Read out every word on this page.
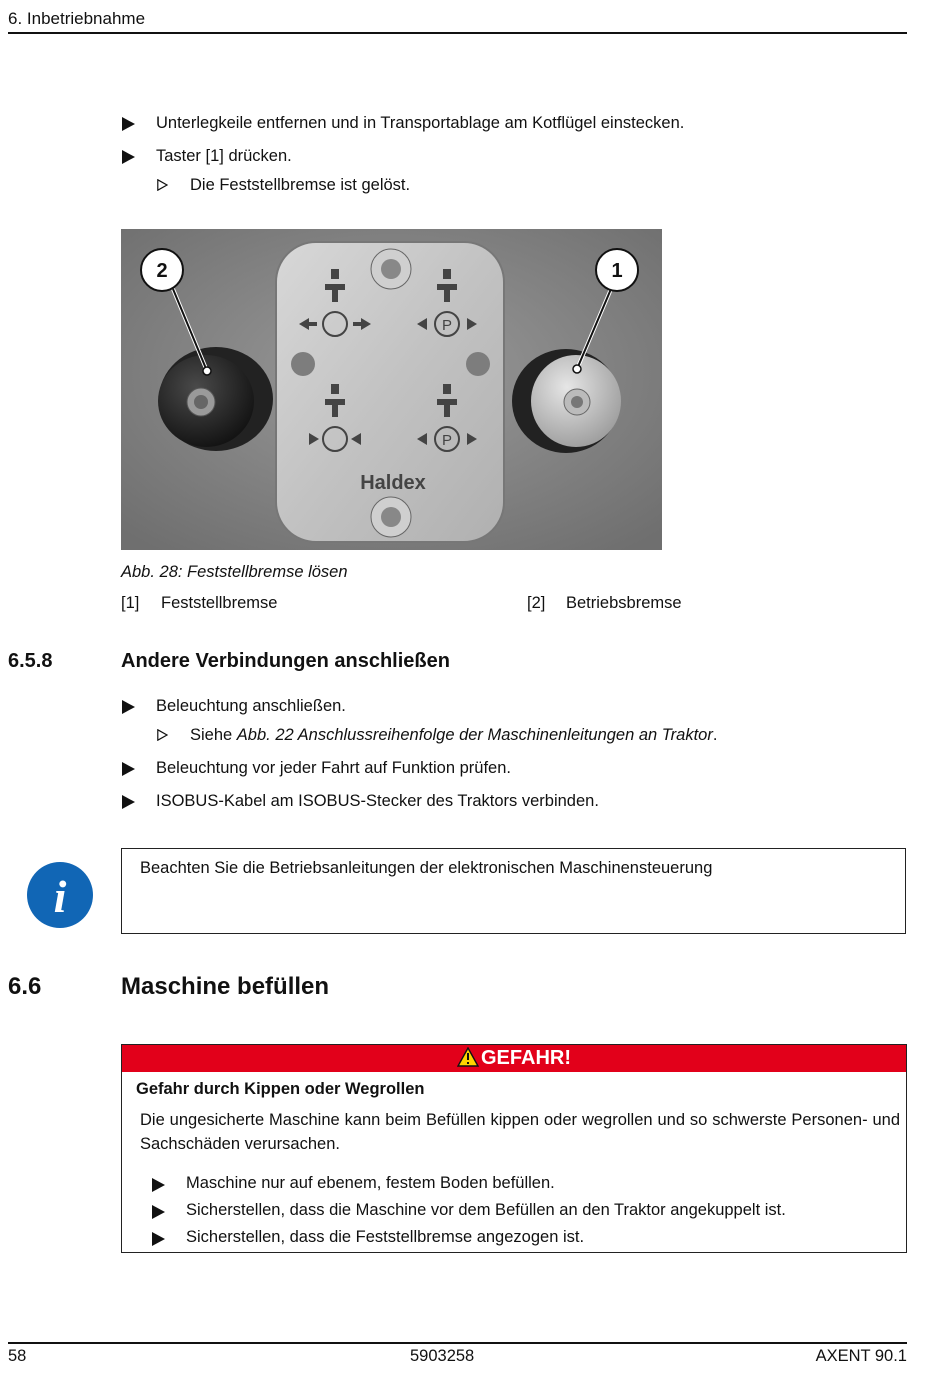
6. Inbetriebnahme
Unterlegkeile entfernen und in Transportablage am Kotflügel einstecken.
Taster [1] drücken.
Die Feststellbremse ist gelöst.
P
P
Haldex
2	1
Abb. 28: Feststellbremse lösen
[1] Feststellbremse	[2] Betriebsbremse
6.5.8	Andere Verbindungen anschließen
Beleuchtung anschließen.
Siehe Abb. 22 Anschlussreihenfolge der Maschinenleitungen an Traktor.
Beleuchtung vor jeder Fahrt auf Funktion prüfen.
ISOBUS-Kabel am ISOBUS-Stecker des Traktors verbinden.
i
Beachten Sie die Betriebsanleitungen der elektronischen Maschinensteuerung
6.6	Maschine befüllen
GEFAHR!
Gefahr durch Kippen oder Wegrollen
Die ungesicherte Maschine kann beim Befüllen kippen oder wegrollen und so schwerste Personen- und Sachschäden verursachen.
Maschine nur auf ebenem, festem Boden befüllen.
Sicherstellen, dass die Maschine vor dem Befüllen an den Traktor angekuppelt ist.
Sicherstellen, dass die Feststellbremse angezogen ist.
58	5903258	AXENT 90.1
